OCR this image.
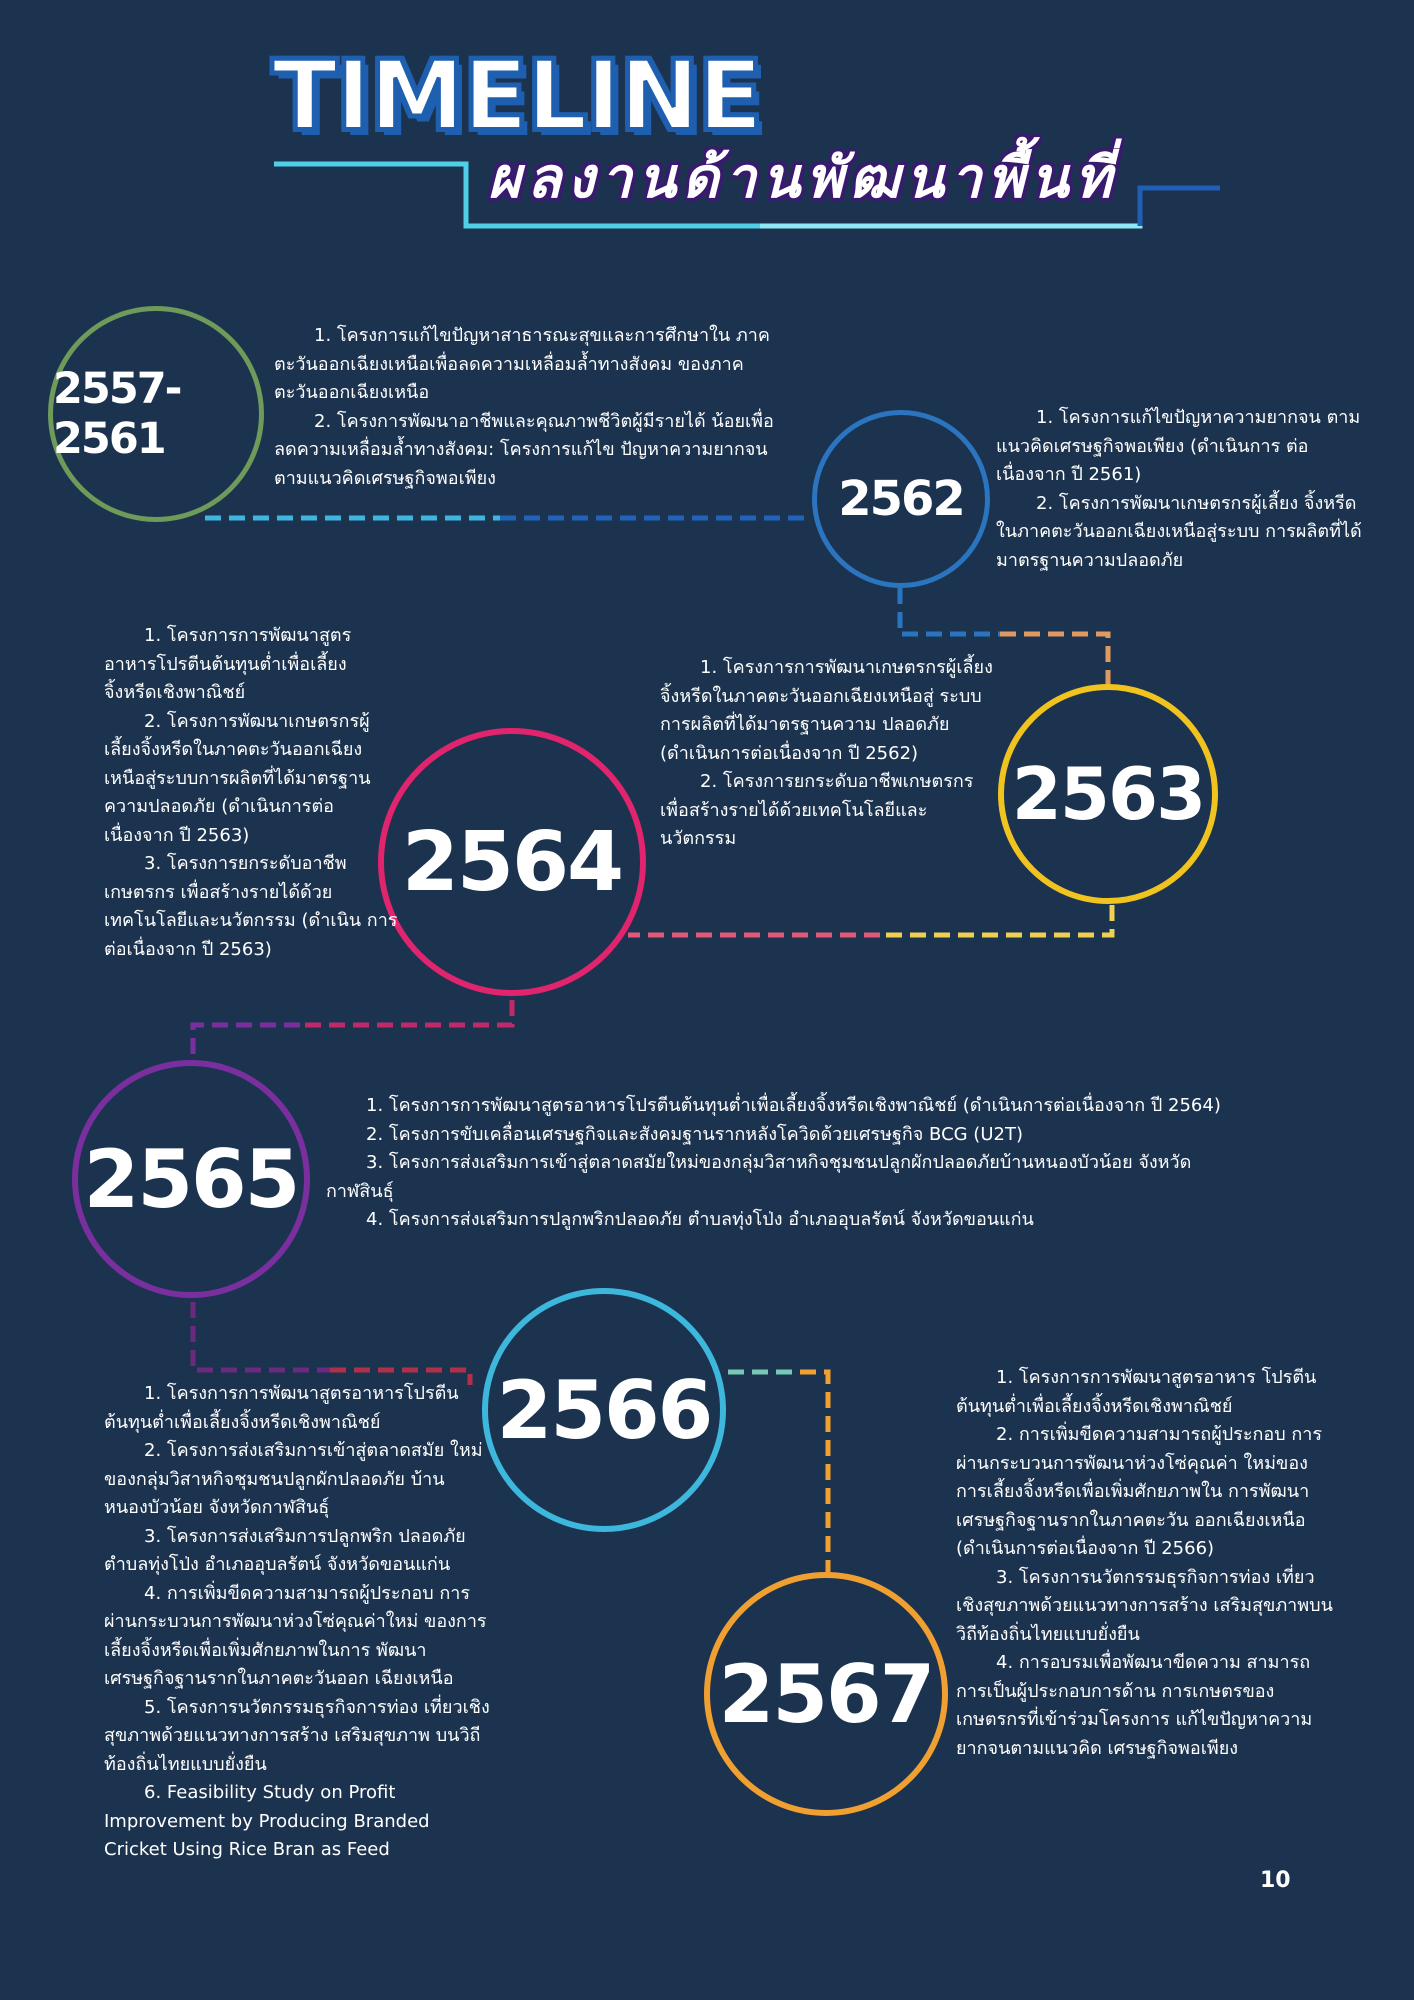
TIMELINE
ผลงานด้านพัฒนาพื้นที่
2557-2561
2562
2563
2564
2565
2566
2567

1. โครงการแก้ไขปัญหาสาธารณะสุขและการศึกษาใน ภาคตะวันออกเฉียงเหนือเพื่อลดความเหลื่อมล้ำทางสังคม ของภาคตะวันออกเฉียงเหนือ

2. โครงการพัฒนาอาชีพและคุณภาพชีวิตผู้มีรายได้ น้อยเพื่อลดความเหลื่อมล้ำทางสังคม: โครงการแก้ไข ปัญหาความยากจนตามแนวคิดเศรษฐกิจพอเพียง

1. โครงการแก้ไขปัญหาความยากจน ตามแนวคิดเศรษฐกิจพอเพียง (ดำเนินการ ต่อเนื่องจาก ปี 2561)

2. โครงการพัฒนาเกษตรกรผู้เลี้ยง จิ้งหรีดในภาคตะวันออกเฉียงเหนือสู่ระบบ การผลิตที่ได้มาตรฐานความปลอดภัย

1. โครงการการพัฒนาเกษตรกรผู้เลี้ยง จิ้งหรีดในภาคตะวันออกเฉียงเหนือสู่ ระบบการผลิตที่ได้มาตรฐานความ ปลอดภัย (ดำเนินการต่อเนื่องจาก ปี 2562)

2. โครงการยกระดับอาชีพเกษตรกร เพื่อสร้างรายได้ด้วยเทคโนโลยีและ นวัตกรรม

1. โครงการการพัฒนาสูตร อาหารโปรตีนต้นทุนต่ำเพื่อเลี้ยง จิ้งหรีดเชิงพาณิชย์

2. โครงการพัฒนาเกษตรกรผู้ เลี้ยงจิ้งหรีดในภาคตะวันออกเฉียง เหนือสู่ระบบการผลิตที่ได้มาตรฐาน ความปลอดภัย (ดำเนินการต่อ เนื่องจาก ปี 2563)

3. โครงการยกระดับอาชีพ เกษตรกร เพื่อสร้างรายได้ด้วย เทคโนโลยีและนวัตกรรม (ดำเนิน การต่อเนื่องจาก ปี 2563)

1. โครงการการพัฒนาสูตรอาหารโปรตีนต้นทุนต่ำเพื่อเลี้ยงจิ้งหรีดเชิงพาณิชย์ (ดำเนินการต่อเนื่องจาก ปี 2564)

2. โครงการขับเคลื่อนเศรษฐกิจและสังคมฐานรากหลังโควิดด้วยเศรษฐกิจ BCG (U2T)

3. โครงการส่งเสริมการเข้าสู่ตลาดสมัยใหม่ของกลุ่มวิสาหกิจชุมชนปลูกผักปลอดภัยบ้านหนองบัวน้อย จังหวัดกาฬสินธุ์

4. โครงการส่งเสริมการปลูกพริกปลอดภัย ตำบลทุ่งโป่ง อำเภออุบลรัตน์ จังหวัดขอนแก่น

1. โครงการการพัฒนาสูตรอาหารโปรตีน ต้นทุนต่ำเพื่อเลี้ยงจิ้งหรีดเชิงพาณิชย์

2. โครงการส่งเสริมการเข้าสู่ตลาดสมัย ใหม่ของกลุ่มวิสาหกิจชุมชนปลูกผักปลอดภัย บ้านหนองบัวน้อย จังหวัดกาฬสินธุ์

3. โครงการส่งเสริมการปลูกพริก ปลอดภัย ตำบลทุ่งโป่ง อำเภออุบลรัตน์ จังหวัดขอนแก่น

4. การเพิ่มขีดความสามารถผู้ประกอบ การผ่านกระบวนการพัฒนาห่วงโซ่คุณค่าใหม่ ของการเลี้ยงจิ้งหรีดเพื่อเพิ่มศักยภาพในการ พัฒนาเศรษฐกิจฐานรากในภาคตะวันออก เฉียงเหนือ

5. โครงการนวัตกรรมธุรกิจการท่อง เที่ยวเชิงสุขภาพด้วยแนวทางการสร้าง เสริมสุขภาพ บนวิถีท้องถิ่นไทยแบบยั่งยืน

6. Feasibility Study on Profit Improvement by Producing Branded Cricket Using Rice Bran as Feed

1. โครงการการพัฒนาสูตรอาหาร โปรตีนต้นทุนต่ำเพื่อเลี้ยงจิ้งหรีดเชิงพาณิชย์

2. การเพิ่มขีดความสามารถผู้ประกอบ การผ่านกระบวนการพัฒนาห่วงโซ่คุณค่า ใหม่ของการเลี้ยงจิ้งหรีดเพื่อเพิ่มศักยภาพใน การพัฒนาเศรษฐกิจฐานรากในภาคตะวัน ออกเฉียงเหนือ (ดำเนินการต่อเนื่องจาก ปี 2566)

3. โครงการนวัตกรรมธุรกิจการท่อง เที่ยวเชิงสุขภาพด้วยแนวทางการสร้าง เสริมสุขภาพบนวิถีท้องถิ่นไทยแบบยั่งยืน

4. การอบรมเพื่อพัฒนาขีดความ สามารถการเป็นผู้ประกอบการด้าน การเกษตรของเกษตรกรที่เข้าร่วมโครงการ แก้ไขปัญหาความยากจนตามแนวคิด เศรษฐกิจพอเพียง

10
